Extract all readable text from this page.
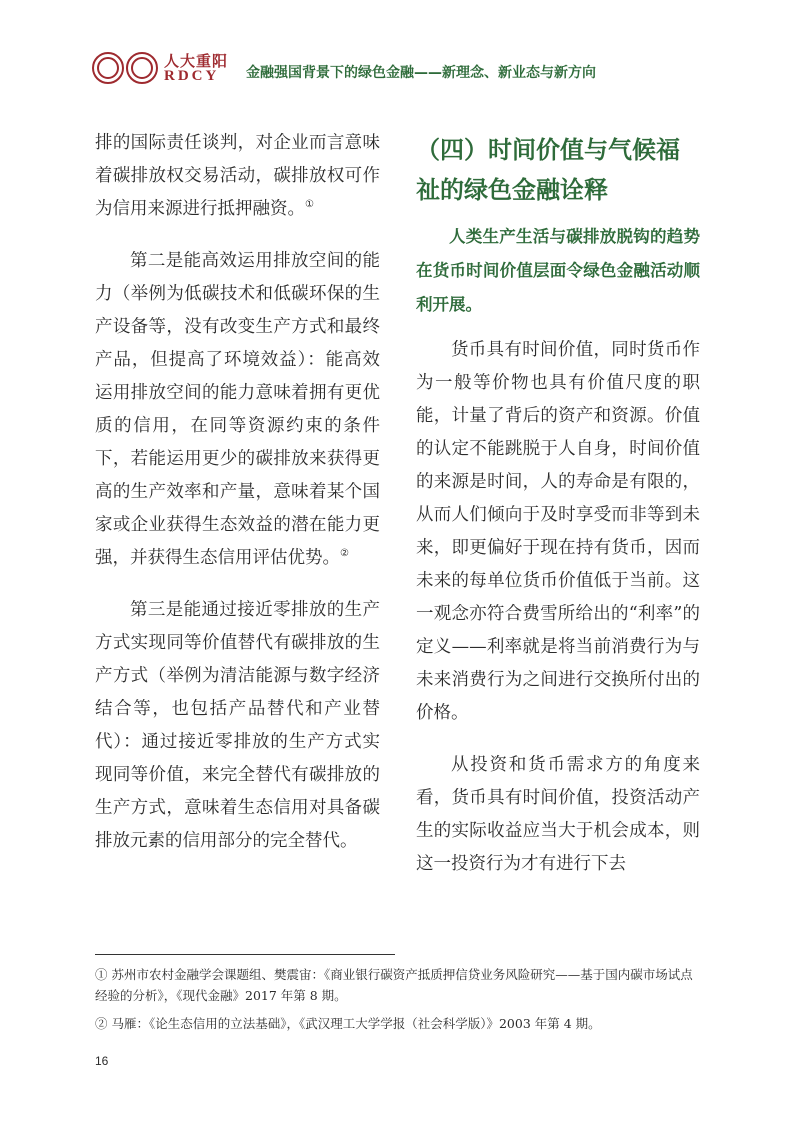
人大重阳
RDCY 金融强国背景下的绿色金融——新理念、新业态与新方向

排的国际责任谈判，对企业而言意味着碳排放权交易活动，碳排放权可作为信用来源进行抵押融资。①

第二是能高效运用排放空间的能力（举例为低碳技术和低碳环保的生产设备等，没有改变生产方式和最终产品，但提高了环境效益）：能高效运用排放空间的能力意味着拥有更优质的信用，在同等资源约束的条件下，若能运用更少的碳排放来获得更高的生产效率和产量，意味着某个国家或企业获得生态效益的潜在能力更强，并获得生态信用评估优势。②

第三是能通过接近零排放的生产方式实现同等价值替代有碳排放的生产方式（举例为清洁能源与数字经济结合等，也包括产品替代和产业替代）：通过接近零排放的生产方式实现同等价值，来完全替代有碳排放的生产方式，意味着生态信用对具备碳排放元素的信用部分的完全替代。

（四）时间价值与气候福祉的绿色金融诠释

人类生产生活与碳排放脱钩的趋势在货币时间价值层面令绿色金融活动顺利开展。

货币具有时间价值，同时货币作为一般等价物也具有价值尺度的职能，计量了背后的资产和资源。价值的认定不能跳脱于人自身，时间价值的来源是时间，人的寿命是有限的，从而人们倾向于及时享受而非等到未来，即更偏好于现在持有货币，因而未来的每单位货币价值低于当前。这一观念亦符合费雪所给出的“利率”的定义——利率就是将当前消费行为与未来消费行为之间进行交换所付出的价格。

从投资和货币需求方的角度来看，货币具有时间价值，投资活动产生的实际收益应当大于机会成本，则这一投资行为才有进行下去

① 苏州市农村金融学会课题组、樊震宙：《商业银行碳资产抵质押信贷业务风险研究——基于国内碳市场试点经验的分析》，《现代金融》2017 年第 8 期。

② 马雁：《论生态信用的立法基础》，《武汉理工大学学报（社会科学版）》2003 年第 4 期。

16
